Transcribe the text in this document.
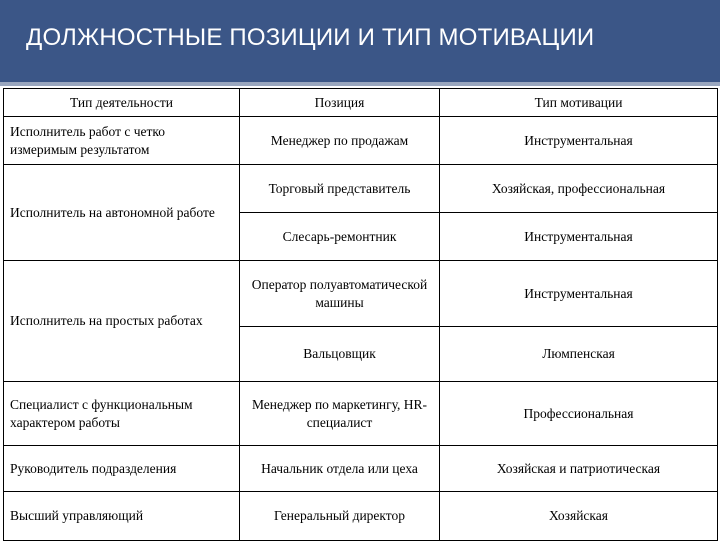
ДОЛЖНОСТНЫЕ ПОЗИЦИИ И ТИП МОТИВАЦИИ
Тип деятельности	Позиция	Тип мотивации
Исполнитель работ с четко измеримым результатом	Менеджер по продажам	Инструментальная
Исполнитель на автономной работе	Торговый представитель	Хозяйская, профессиональная
	Слесарь-ремонтник	Инструментальная
Исполнитель на простых работах	Оператор полуавтоматической машины	Инструментальная
	Вальцовщик	Люмпенская
Специалист с функциональным характером работы	Менеджер по маркетингу, HR-специалист	Профессиональная
Руководитель подразделения	Начальник отдела или цеха	Хозяйская и патриотическая
Высший управляющий	Генеральный директор	Хозяйская
